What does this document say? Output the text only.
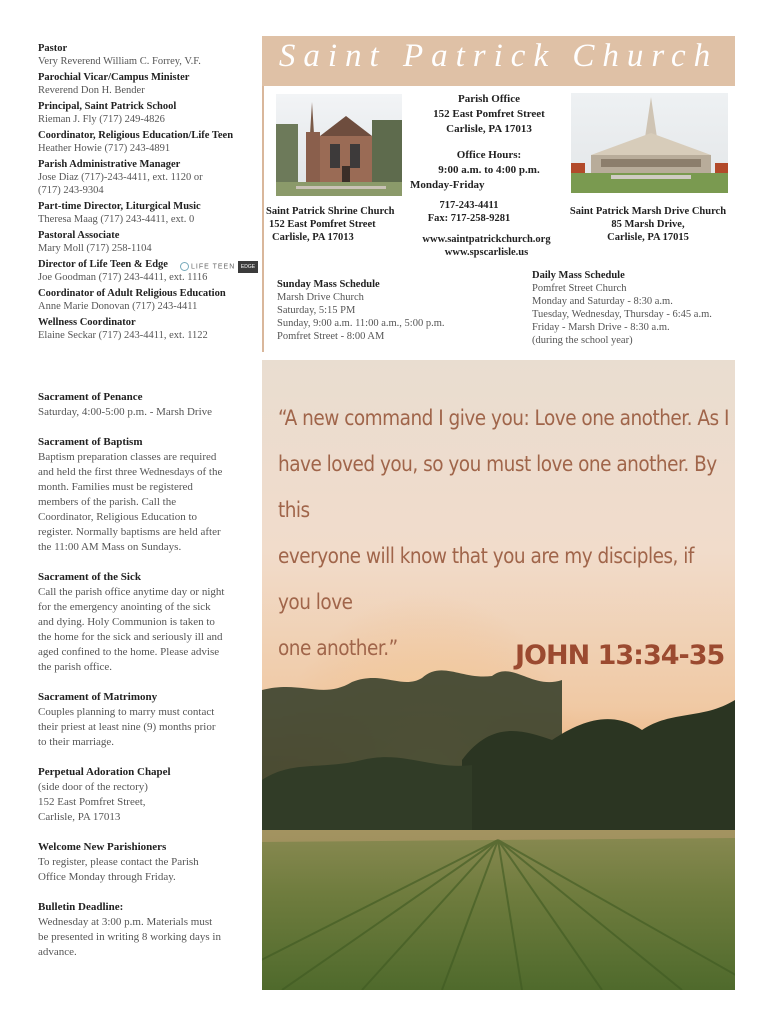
Pastor
Very Reverend William C. Forrey, V.F.
Parochial Vicar/Campus Minister
Reverend Don H. Bender
Principal, Saint Patrick School
Rieman J. Fly (717) 249-4826
Coordinator, Religious Education/Life Teen
Heather Howie (717) 243-4891
Parish Administrative Manager
Jose Diaz (717)-243-4411, ext. 1120 or
(717) 243-9304
Part-time Director, Liturgical Music
Theresa Maag (717) 243-4411, ext. 0
Pastoral Associate
Mary Moll (717) 258-1104
Director of Life Teen & Edge
Joe Goodman (717) 243-4411, ext. 1116
Coordinator of Adult Religious Education
Anne Marie Donovan (717) 243-4411
Wellness Coordinator
Elaine Seckar (717) 243-4411, ext. 1122
LIFE TEEN	EDGE
Saint Patrick Church
Parish Office
152 East Pomfret Street
Carlisle, PA 17013
Office Hours:
9:00 a.m. to 4:00 p.m.
Monday-Friday
717-243-4411
Fax: 717-258-9281
www.saintpatrickchurch.org
www.spscarlisle.us
Saint Patrick Shrine Church
152 East Pomfret Street
Carlisle, PA 17013
Saint Patrick Marsh Drive Church
85 Marsh Drive,
Carlisle, PA 17015
Sunday Mass Schedule
Marsh Drive Church
Saturday, 5:15 PM
Sunday, 9:00 a.m. 11:00 a.m., 5:00 p.m.
Pomfret Street - 8:00 AM
Daily Mass Schedule
Pomfret Street Church
Monday and Saturday - 8:30 a.m.
Tuesday, Wednesday, Thursday - 6:45 a.m.
Friday - Marsh Drive - 8:30 a.m.
(during the school year)
Sacrament of Penance
Saturday, 4:00-5:00 p.m. - Marsh Drive
Sacrament of Baptism
Baptism preparation classes are required
and held the first three Wednesdays of the
month. Families must be registered
members of the parish. Call the
Coordinator, Religious Education to
register. Normally baptisms are held after
the 11:00 AM Mass on Sundays.
Sacrament of the Sick
Call the parish office anytime day or night
for the emergency anointing of the sick
and dying. Holy Communion is taken to
the home for the sick and seriously ill and
aged confined to the home. Please advise
the parish office.
Sacrament of Matrimony
Couples planning to marry must contact
their priest at least nine (9) months prior
to their marriage.
Perpetual Adoration Chapel
(side door of the rectory)
152 East Pomfret Street,
Carlisle, PA 17013
Welcome New Parishioners
To register, please contact the Parish
Office Monday through Friday.
Bulletin Deadline:
Wednesday at 3:00 p.m. Materials must
be presented in writing 8 working days in
advance.
“A new command I give you: Love one another. As I
have loved you, so you must love one another. By this
everyone will know that you are my disciples, if you love
one another.”	JOHN 13:34-35
